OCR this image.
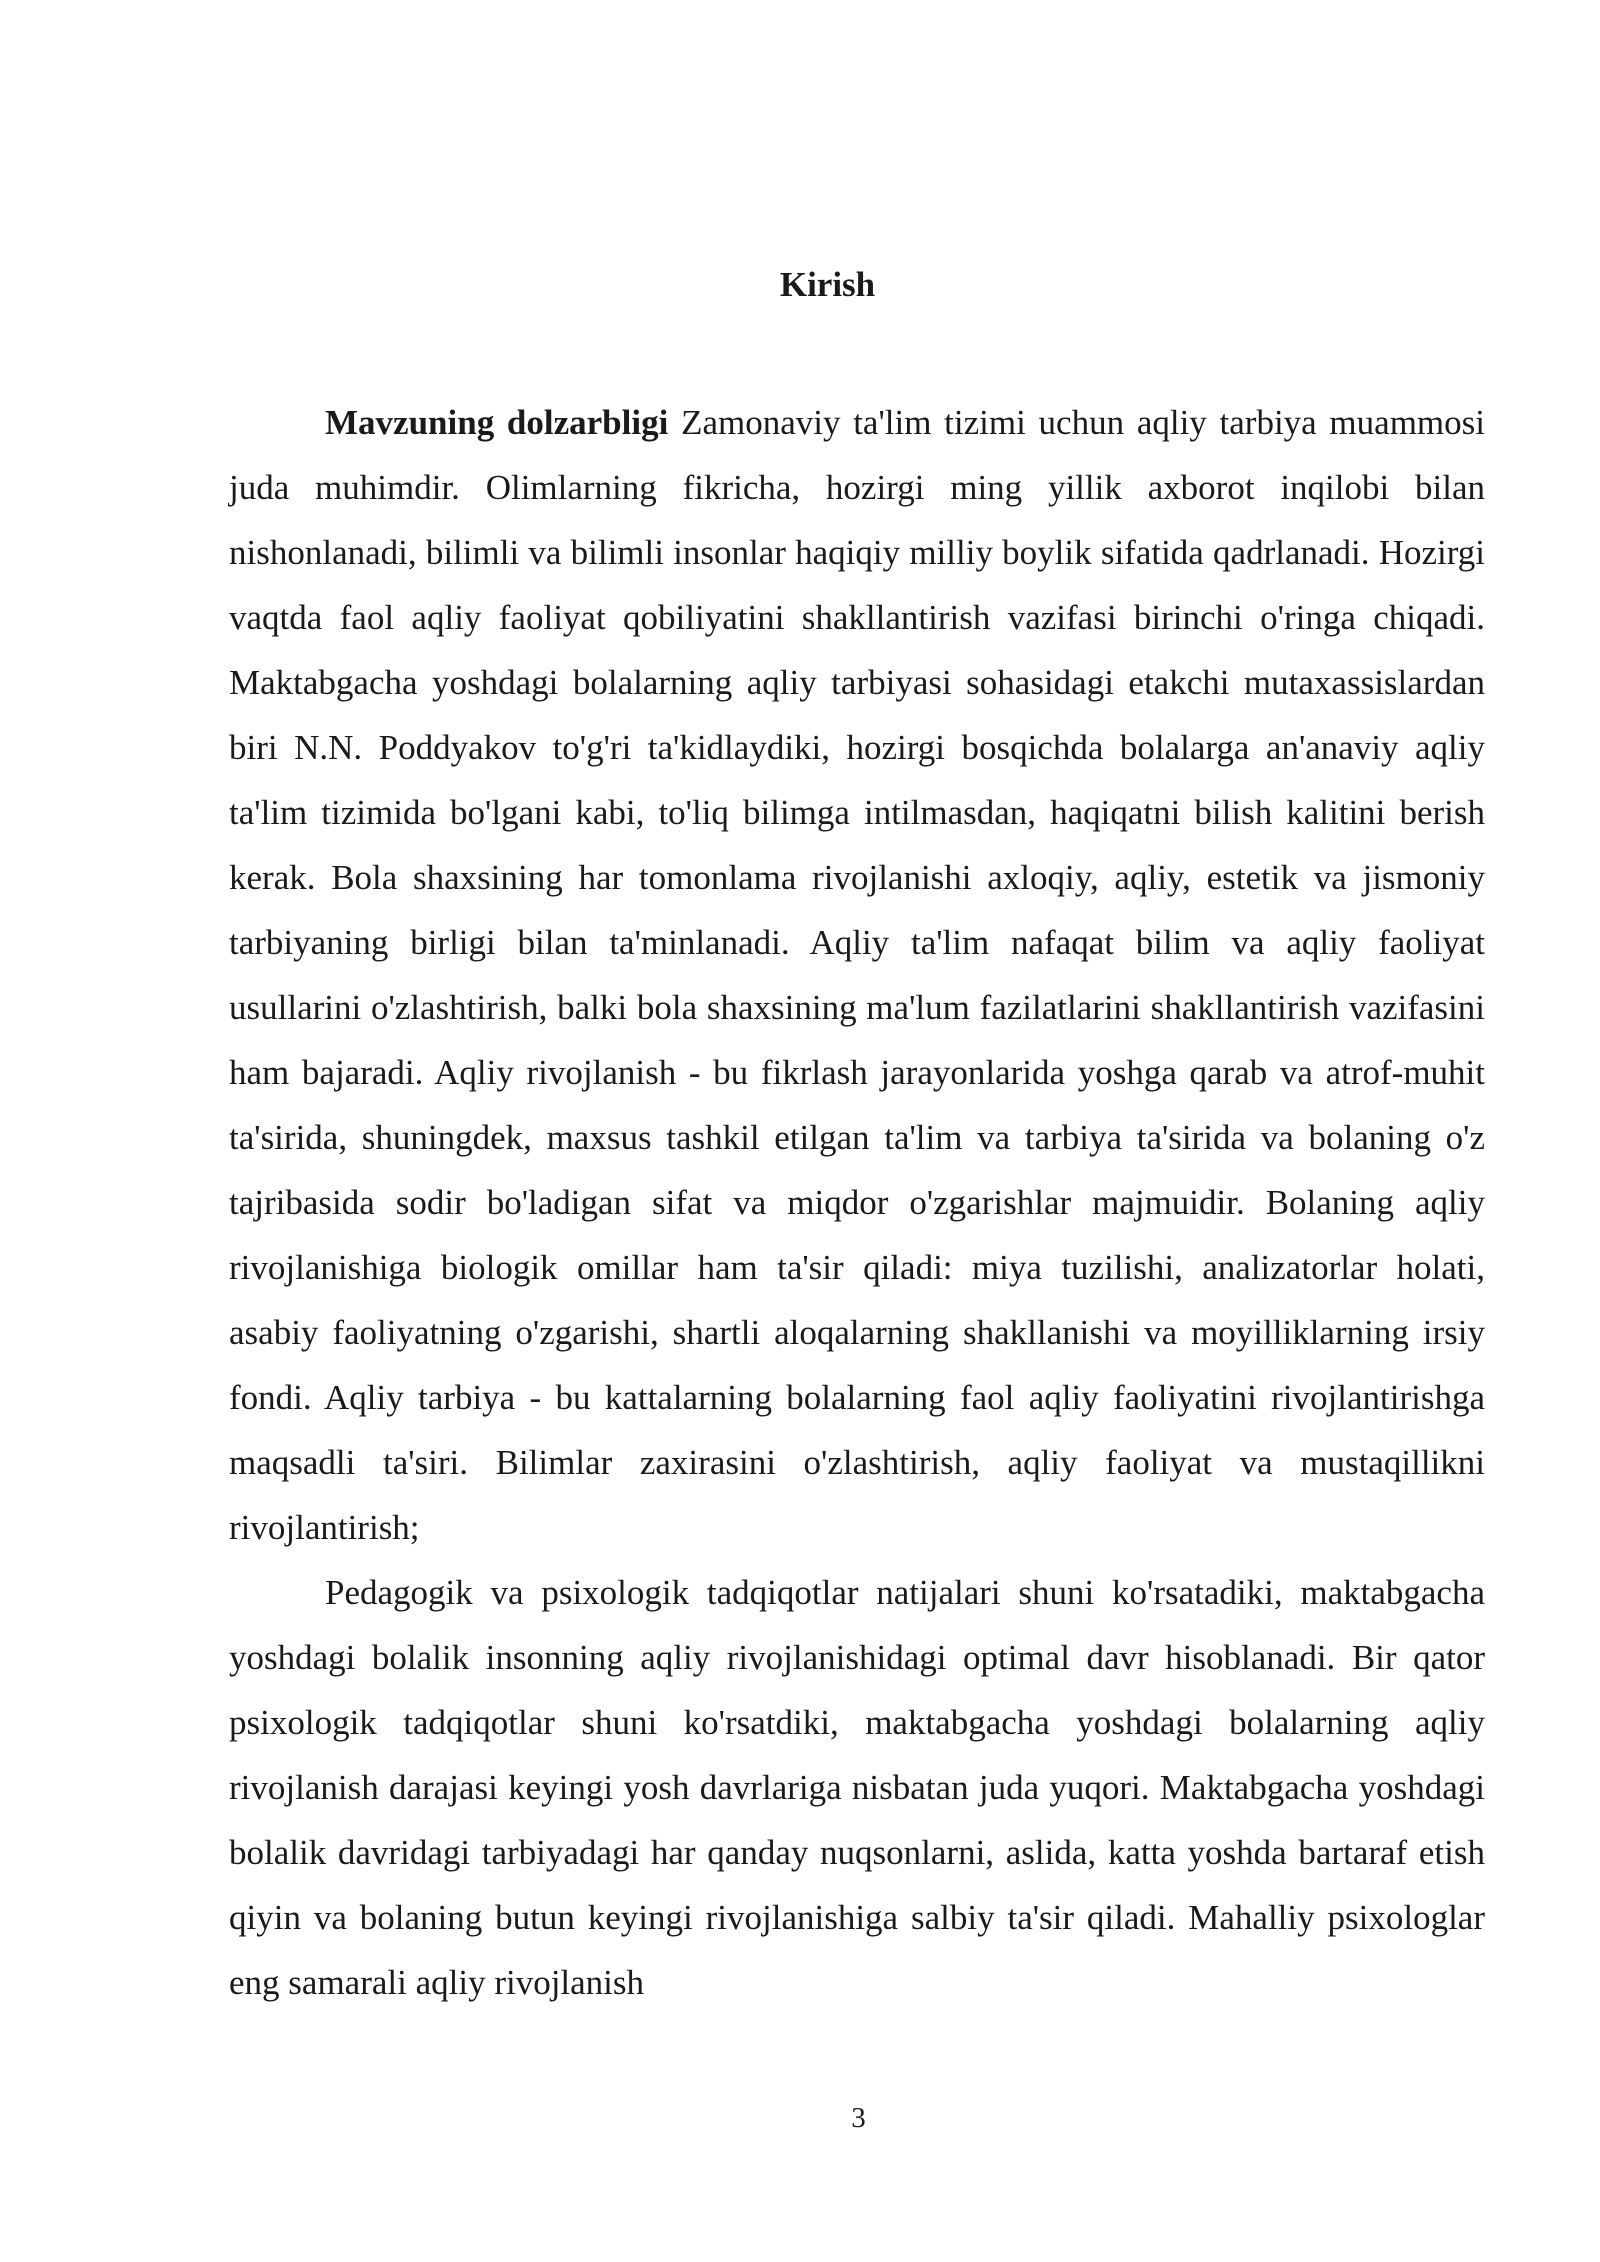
Kirish

Mavzuning dolzarbligi Zamonaviy ta'lim tizimi uchun aqliy tarbiya muammosi juda muhimdir. Olimlarning fikricha, hozirgi ming yillik axborot inqilobi bilan nishonlanadi, bilimli va bilimli insonlar haqiqiy milliy boylik sifatida qadrlanadi. Hozirgi vaqtda faol aqliy faoliyat qobiliyatini shakllantirish vazifasi birinchi o'ringa chiqadi. Maktabgacha yoshdagi bolalarning aqliy tarbiyasi sohasidagi etakchi mutaxassislardan biri N.N. Poddyakov to'g'ri ta'kidlaydiki, hozirgi bosqichda bolalarga an'anaviy aqliy ta'lim tizimida bo'lgani kabi, to'liq bilimga intilmasdan, haqiqatni bilish kalitini berish kerak. Bola shaxsining har tomonlama rivojlanishi axloqiy, aqliy, estetik va jismoniy tarbiyaning birligi bilan ta'minlanadi. Aqliy ta'lim nafaqat bilim va aqliy faoliyat usullarini o'zlashtirish, balki bola shaxsining ma'lum fazilatlarini shakllantirish vazifasini ham bajaradi. Aqliy rivojlanish - bu fikrlash jarayonlarida yoshga qarab va atrof-muhit ta'sirida, shuningdek, maxsus tashkil etilgan ta'lim va tarbiya ta'sirida va bolaning o'z tajribasida sodir bo'ladigan sifat va miqdor o'zgarishlar majmuidir. Bolaning aqliy rivojlanishiga biologik omillar ham ta'sir qiladi: miya tuzilishi, analizatorlar holati, asabiy faoliyatning o'zgarishi, shartli aloqalarning shakllanishi va moyilliklarning irsiy fondi. Aqliy tarbiya - bu kattalarning bolalarning faol aqliy faoliyatini rivojlantirishga maqsadli ta'siri. Bilimlar zaxirasini o'zlashtirish, aqliy faoliyat va mustaqillikni rivojlantirish;

Pedagogik va psixologik tadqiqotlar natijalari shuni ko'rsatadiki, maktabgacha yoshdagi bolalik insonning aqliy rivojlanishidagi optimal davr hisoblanadi. Bir qator psixologik tadqiqotlar shuni ko'rsatdiki, maktabgacha yoshdagi bolalarning aqliy rivojlanish darajasi keyingi yosh davrlariga nisbatan juda yuqori. Maktabgacha yoshdagi bolalik davridagi tarbiyadagi har qanday nuqsonlarni, aslida, katta yoshda bartaraf etish qiyin va bolaning butun keyingi rivojlanishiga salbiy ta'sir qiladi. Mahalliy psixologlar eng samarali aqliy rivojlanish

3
